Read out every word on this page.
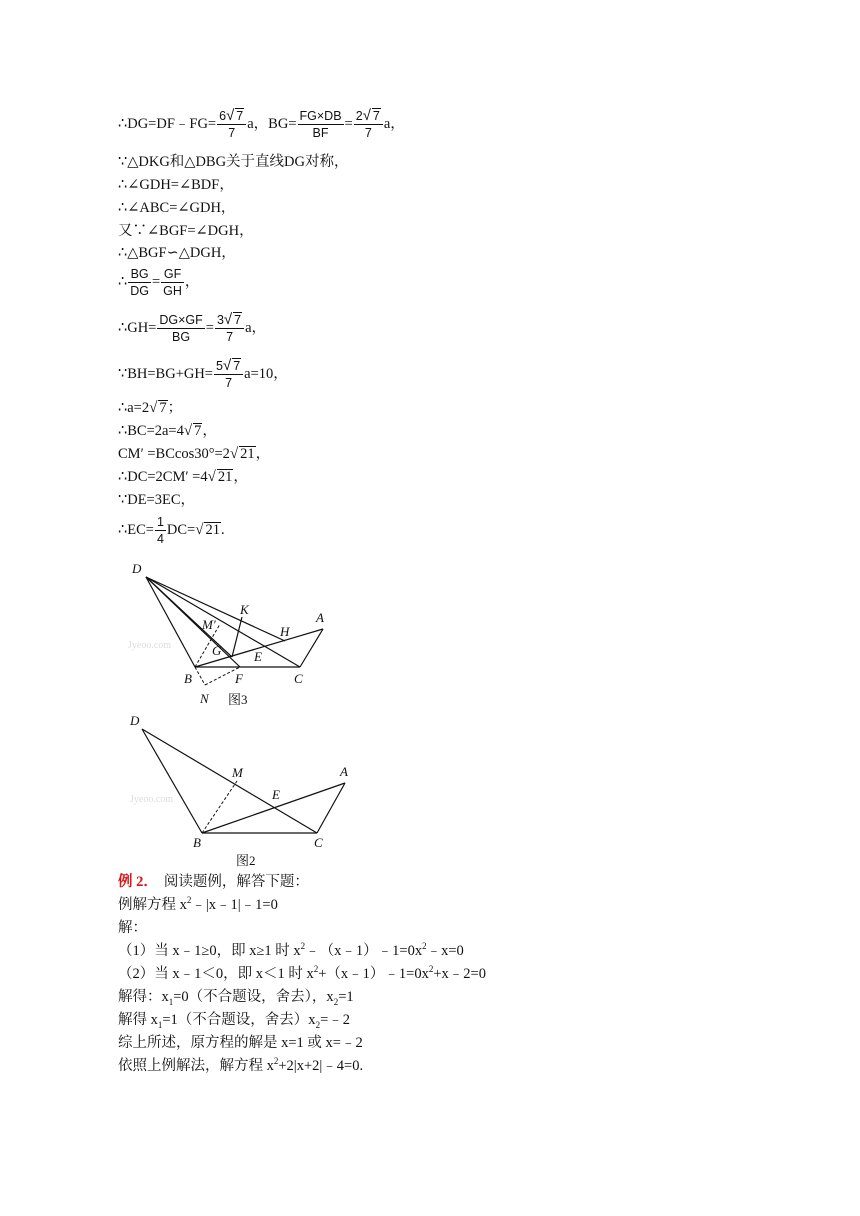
∴DG=DF﹣FG= $\frac{6√ 7}{7}$ a，$BG= \frac{FG\times DB}{BF} = \frac{2√ 7}{7}$ a，
∵△DKG和△DBG关于直线DG对称，
∴∠GDH=∠BDF，
∴∠ABC=∠GDH，
又∵∠BGF=∠DGH，
∴△BGF∽△DGH，
∴ $\frac{BG}{DG} = \frac{GF}{GH}$ ，
∴GH= $\frac{DG\times GF}{BG} = \frac{3√ 7}{7}$ a，
∵BH=BG+GH= $\frac{5√ 7}{7} a=10$，
∴a=2√ 7；
∴BC=2a=4√ 7，
CM′ =BCcos30°=2√ 21，
∴DC=2CM′ =4√ 21，
∵DE=3EC，
∴EC= $\frac{1}{4} DC=√$ 21.
Jyeoo.com
D
K
A
M′	H
G	E
B	F	C
N 图3
Jyeoo.com
D
M	A
E
B	C
图2
例 2． 阅读题例，解答下题：
例解方程 $x^2﹣|x﹣1|﹣1=0$
解：
（1）当 x﹣1≥0，即 x≥1 时 $x^2﹣(x﹣1)﹣1=0x^2﹣x=0$
（2）当 x﹣1＜0，即 x＜1 时 $x^2+(x﹣1)﹣1=0x^2+x﹣2=0$
解得：$x_1=0$（不合题设，舍去），$x_2=1$
解得 $x_1=1$（不合题设，舍去）$x_2=﹣2$
综上所述，原方程的解是 x=1 或 x=﹣2
依照上例解法，解方程 $x^2+2|x+2|﹣4=0$.
